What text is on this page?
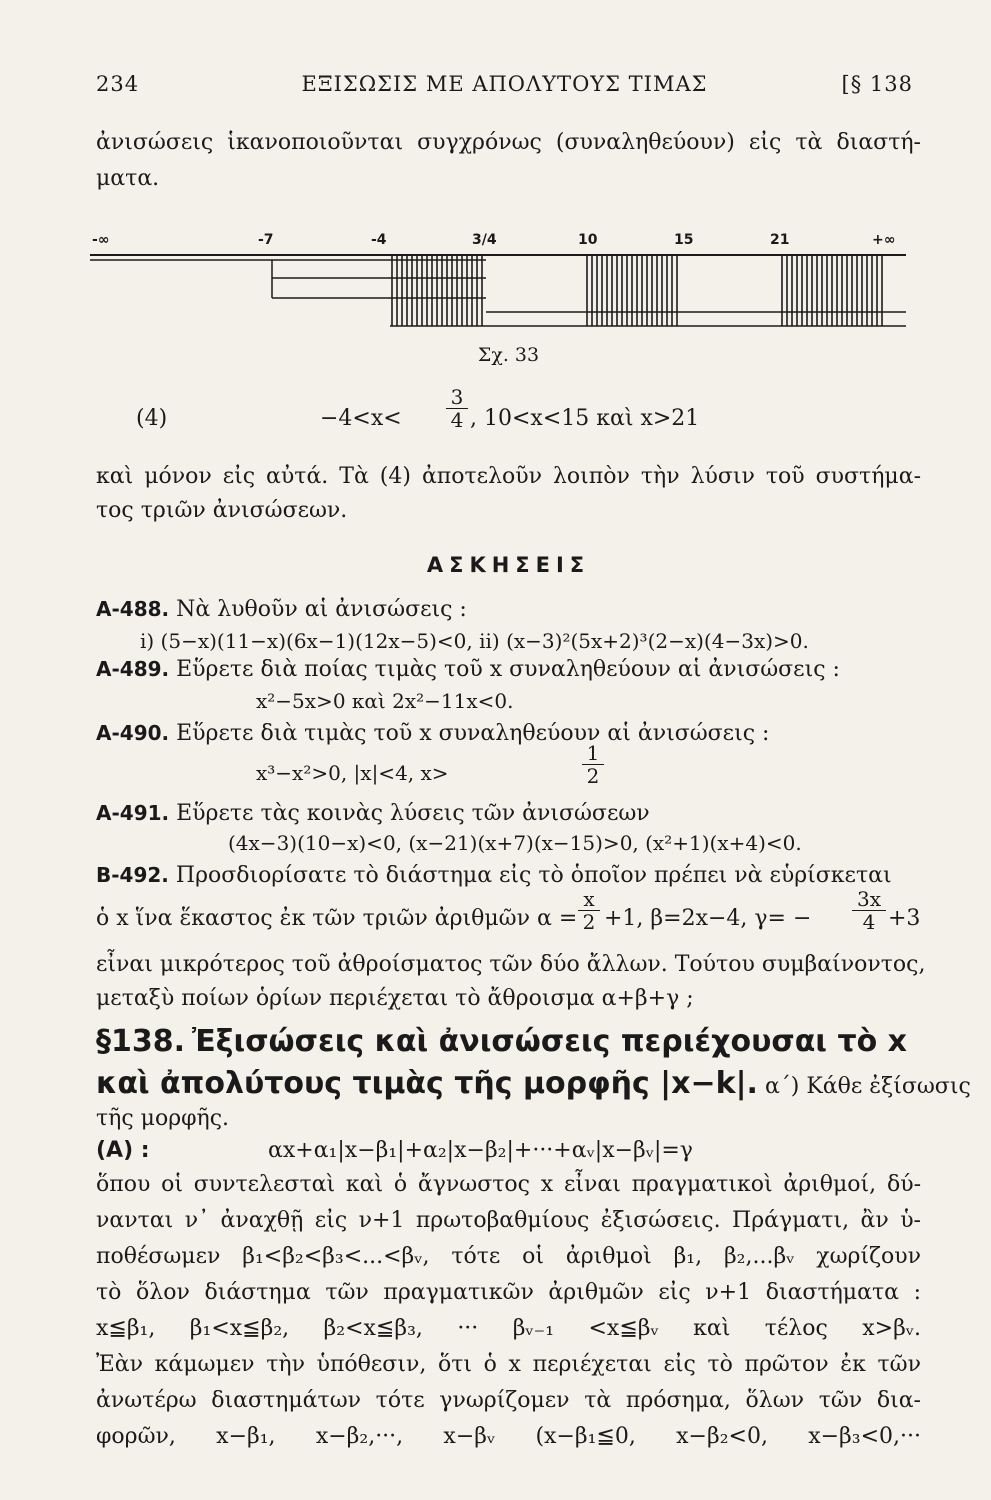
234	ΕΞΙΣΩΣΙΣ ΜΕ ΑΠΟΛΥΤΟΥΣ ΤΙΜΑΣ	[§ 138
ἀνισώσεις ἱκανοποιοῦνται συγχρόνως (συναληθεύουν) εἰς τὰ διαστή-
ματα.
-∞	-7	-4	3/4	10	15	21	+∞
Σχ. 33
(4)	−4<x<	$\frac{3}{4}$ , 10<x<15 καὶ x>21
καὶ μόνον εἰς αὐτά. Τὰ (4) ἀποτελοῦν λοιπὸν τὴν λύσιν τοῦ συστήμα-
τος τριῶν ἀνισώσεων.
ΑΣΚΗΣΕΙΣ
Α-488. Νὰ λυθοῦν αἱ ἀνισώσεις :
i) (5−x)(11−x)(6x−1)(12x−5)<0, ii) (x−3)²(5x+2)³(2−x)(4−3x)>0.
Α-489. Εὕρετε διὰ ποίας τιμὰς τοῦ x συναληθεύουν αἱ ἀνισώσεις :
x²−5x>0 καὶ 2x²−11x<0.
Α-490. Εὕρετε διὰ τιμὰς τοῦ x συναληθεύουν αἱ ἀνισώσεις :
x³−x²>0, |x|<4, x>	$\frac{1}{2}$
Α-491. Εὕρετε τὰς κοινὰς λύσεις τῶν ἀνισώσεων
(4x−3)(10−x)<0, (x−21)(x+7)(x−15)>0, (x²+1)(x+4)<0.
Β-492. Προσδιορίσατε τὸ διάστημα εἰς τὸ ὁποῖον πρέπει νὰ εὑρίσκεται
ὁ x ἵνα ἕκαστος ἐκ τῶν τριῶν ἀριθμῶν $\alpha = \frac{x}{2} +1$, β=2x−4, γ= −	$\frac{3x}{4} +3$
εἶναι μικρότερος τοῦ ἀθροίσματος τῶν δύο ἄλλων. Τούτου συμβαίνοντος,
μεταξὺ ποίων ὁρίων περιέχεται τὸ ἄθροισμα α+β+γ ;
§138. Ἐξισώσεις καὶ ἀνισώσεις περιέχουσαι τὸ x
καὶ ἀπολύτους τιμὰς τῆς μορφῆς |x−k|. α΄) Κάθε ἐξίσωσις
τῆς μορφῆς.
(Α) :	αx+α₁|x−β₁|+α₂|x−β₂|+···+αᵥ|x−βᵥ|=γ
ὅπου οἱ συντελεσταὶ καὶ ὁ ἄγνωστος x εἶναι πραγματικοὶ ἀριθμοί, δύ-
νανται ν᾿ ἀναχθῇ εἰς ν+1 πρωτοβαθμίους ἐξισώσεις. Πράγματι, ἂν ὑ-
ποθέσωμεν β₁<β₂<β₃<...<βᵥ, τότε οἱ ἀριθμοὶ β₁, β₂,...βᵥ χωρίζουν
τὸ ὅλον διάστημα τῶν πραγματικῶν ἀριθμῶν εἰς ν+1 διαστήματα :
x≦β₁, β₁<x≦β₂, β₂<x≦β₃, ··· βᵥ₋₁ <x≦βᵥ καὶ τέλος x>βᵥ.
Ἐὰν κάμωμεν τὴν ὑπόθεσιν, ὅτι ὁ x περιέχεται εἰς τὸ πρῶτον ἐκ τῶν
ἀνωτέρω διαστημάτων τότε γνωρίζομεν τὰ πρόσημα, ὅλων τῶν δια-
φορῶν, x−β₁, x−β₂,···, x−βᵥ (x−β₁≦0, x−β₂<0, x−β₃<0,···
